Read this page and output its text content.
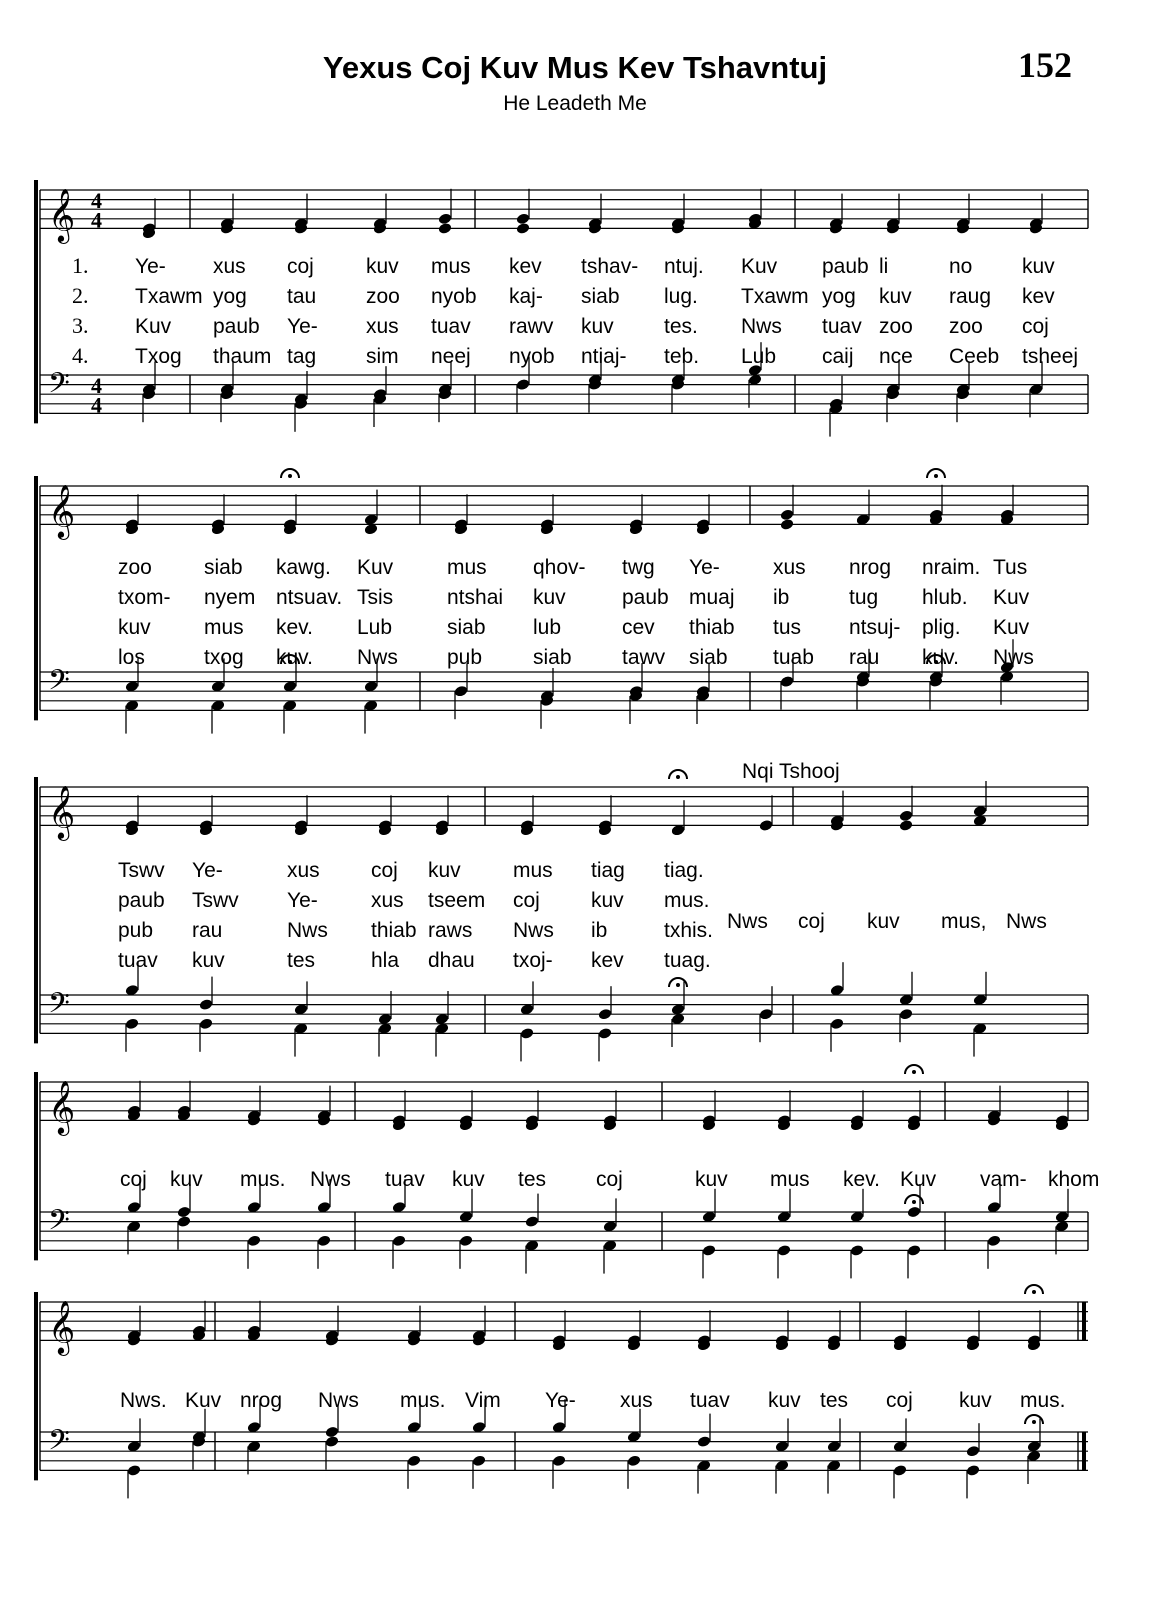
Yexus Coj Kuv Mus Kev Tshavntuj	152
He Leadeth Me
𝄞
𝄢
4
4
4
4
1. Ye- xus coj kuv mus kev tshav- ntuj. Kuv paub li	no kuv
2. Txawm yog tau zoo nyob kaj- siab lug. Txawm yog kuv raug kev
3. Kuv paub Ye- xus tuav rawv kuv tes. Nws tuav zoo zoo coj
4. Txog thaum tag sim neej nyob ntiaj- teb. Lub caij nce Ceeb tsheej
𝄞
𝄢
zoo siab kawg. Kuv	mus qhov- twg Ye-	xus nrog nraim. Tus
txom- nyem ntsuav. Tsis	ntshai kuv	paub muaj ib	tug hlub. Kuv
kuv	mus kev. Lub	siab lub	cev thiab tus ntsuj- plig. Kuv
los	txog kuv. Nws pub siab tawv siab tuab rau kuv. Nws
𝄞
𝄢
Tswv Ye-	xus coj kuv mus tiag tiag.
paub Tswv Ye-	xus tseem coj kuv mus.
pub rau	Nws thiab raws Nws ib	txhis.
tuav kuv	tes	hla dhau txoj- kev tuag.
Nws coj kuv mus, Nws
Nqi Tshooj
𝄞
𝄢
coj kuv mus. Nws tuav kuv tes coj	kuv mus kev. Kuv vam- khom
𝄞
𝄢
Nws. Kuv nrog Nws mus. Vim Ye- xus tuav kuv tes coj kuv mus.
